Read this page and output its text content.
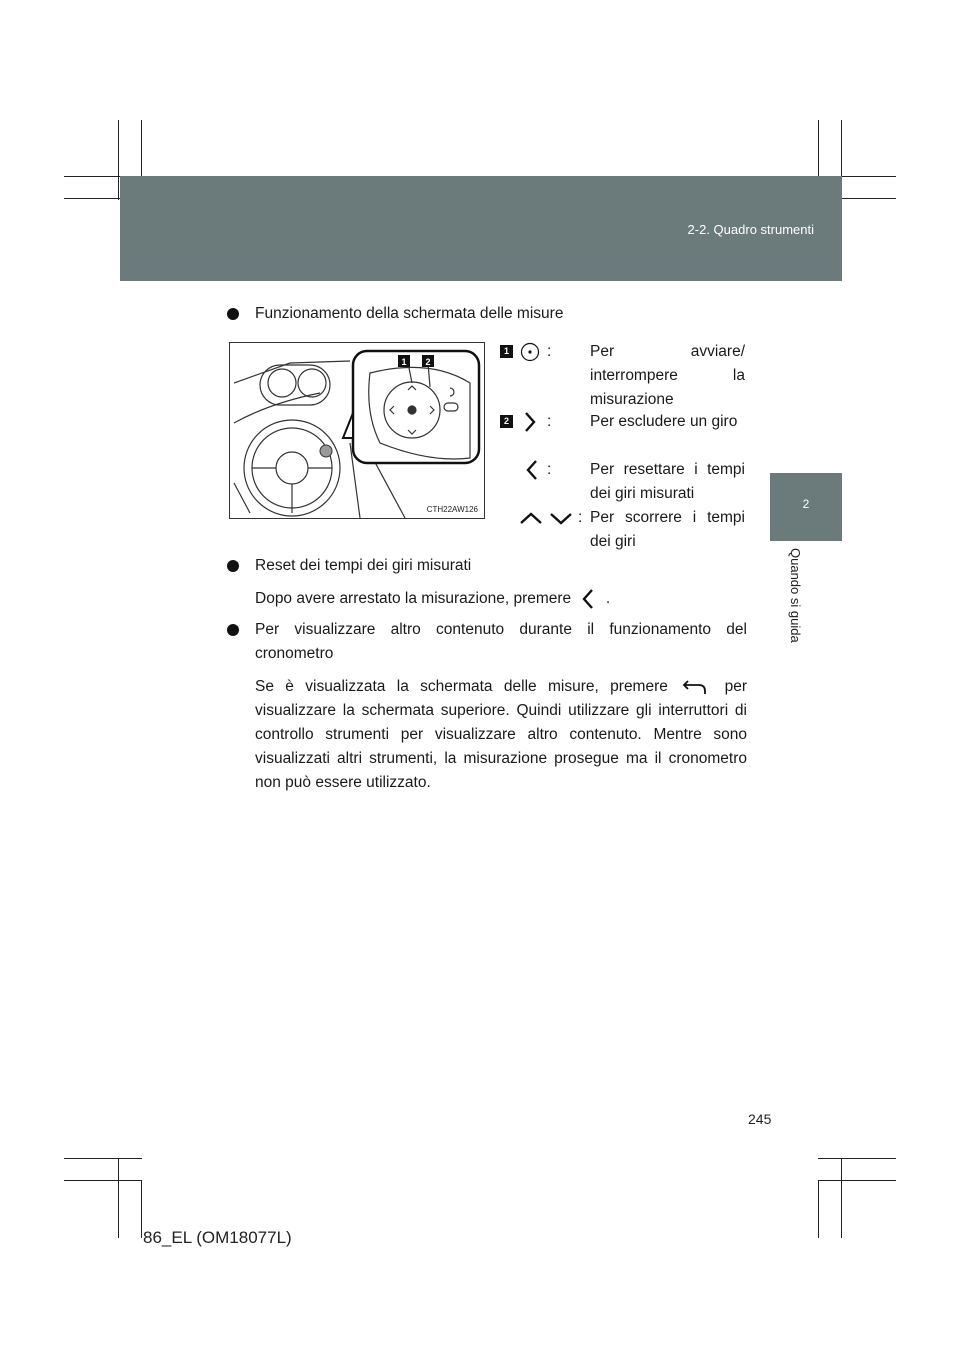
2-2. Quadro strumenti
2
Quando si guida
Funzionamento della schermata delle misure
1 2
CTH22AW126
1 : Per avviare/ interrompere la misurazione
2 : Per escludere un giro
: Per resettare i tempi dei giri misurati
: Per scorrere i tempi dei giri
Reset dei tempi dei giri misurati
Dopo avere arrestato la misurazione, premere .
Per visualizzare altro contenuto durante il funzionamento del
cronometro
Se è visualizzata la schermata delle misure, premere	per
visualizzare la schermata superiore. Quindi utilizzare gli interruttori di controllo strumenti per visualizzare altro contenuto. Mentre sono visualizzati altri strumenti, la misurazione prosegue ma il cronometro non può essere utilizzato.
245
86_EL (OM18077L)
